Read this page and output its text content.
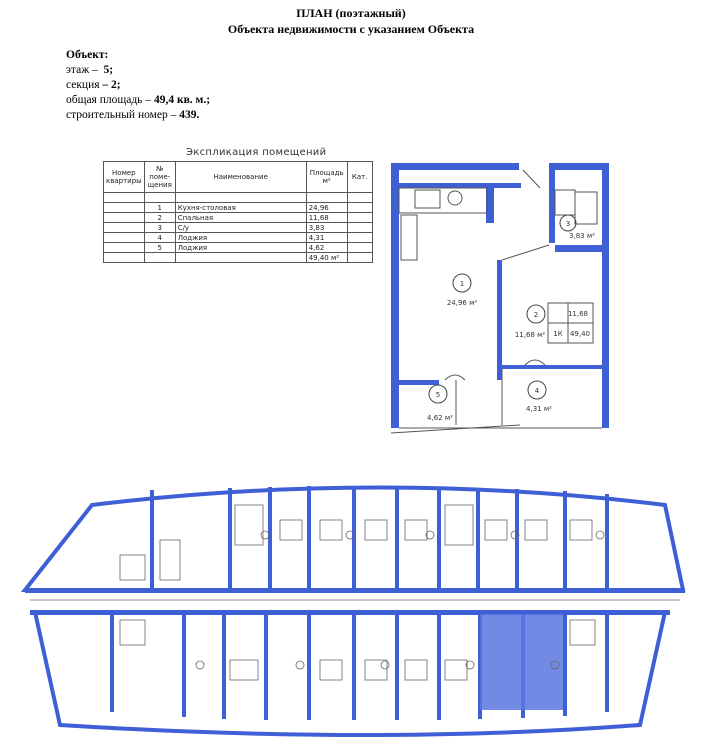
ПЛАН (поэтажный)
Объекта недвижимости с указанием Объекта
Объект:
этаж – 5;
секция – 2;
общая площадь – 49,4 кв. м.;
строительный номер – 439.
Экспликация помещений
Номер квартиры	№ поме-щения	Наименование	Площадь м²	Кат.

	1	Кухня-столовая	24,96	
	2	Спальная	11,68	
	3	С/у	3,83	
	4	Лоджия	4,31	
	5	Лоджия	4,62	
			49,40 м²	
1
24,96 м²
2
11,68 м²
3
3,83 м²
4
4,31 м²
5
4,62 м²
11,68
1К 49,40
